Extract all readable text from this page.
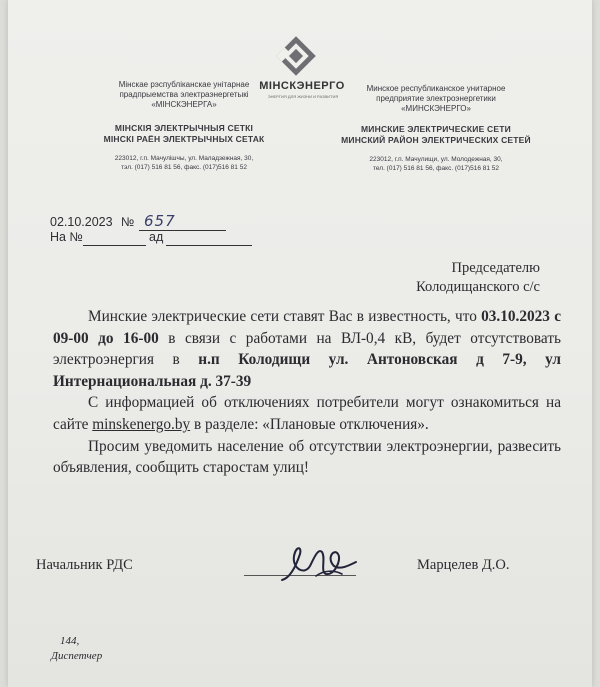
МIНСКЭНЕРГО
ЭНЕРГИЯ ДЛЯ ЖИЗНИ И РАЗВИТИЯ
Мінскае рэспубліканскае унітарнае
прадпрыемства электраэнергетыкі
«МІНСКЭНЕРГА»
МІНСКІЯ ЭЛЕКТРЫЧНЫЯ СЕТКІ
МІНСКІ РАЁН ЭЛЕКТРЫЧНЫХ СЕТАК
223012, г.п. Мачулішчы, ул. Маладзежная, 30,
тэл. (017) 516 81 56, факс. (017)516 81 52
Минское республиканское унитарное
предприятие электроэнергетики
«МИНСКЭНЕРГО»
МИНСКИЕ ЭЛЕКТРИЧЕСКИЕ СЕТИ
МИНСКИЙ РАЙОН ЭЛЕКТРИЧЕСКИХ СЕТЕЙ
223012, г.п. Мачулищи, ул. Молодежная, 30,
тел. (017) 516 81 56, факс. (017)516 81 52
02.10.2023 № 657
На №	ад
Председателю
Колодищанского с/с

Минские электрические сети ставят Вас в известность, что 03.10.2023 с 09-00 до 16-00 в связи с работами на ВЛ-0,4 кВ, будет отсутствовать электроэнергия в н.п Колодищи ул. Антоновская д 7-9, ул Интернациональная д. 37-39

С информацией об отключениях потребители могут ознакомиться на сайте minskenergo.by в разделе: «Плановые отключения».

Просим уведомить население об отсутствии электроэнергии, развесить объявления, сообщить старостам улиц!

Начальник РДС	Марцелев Д.О.
144,
Диспетчер
